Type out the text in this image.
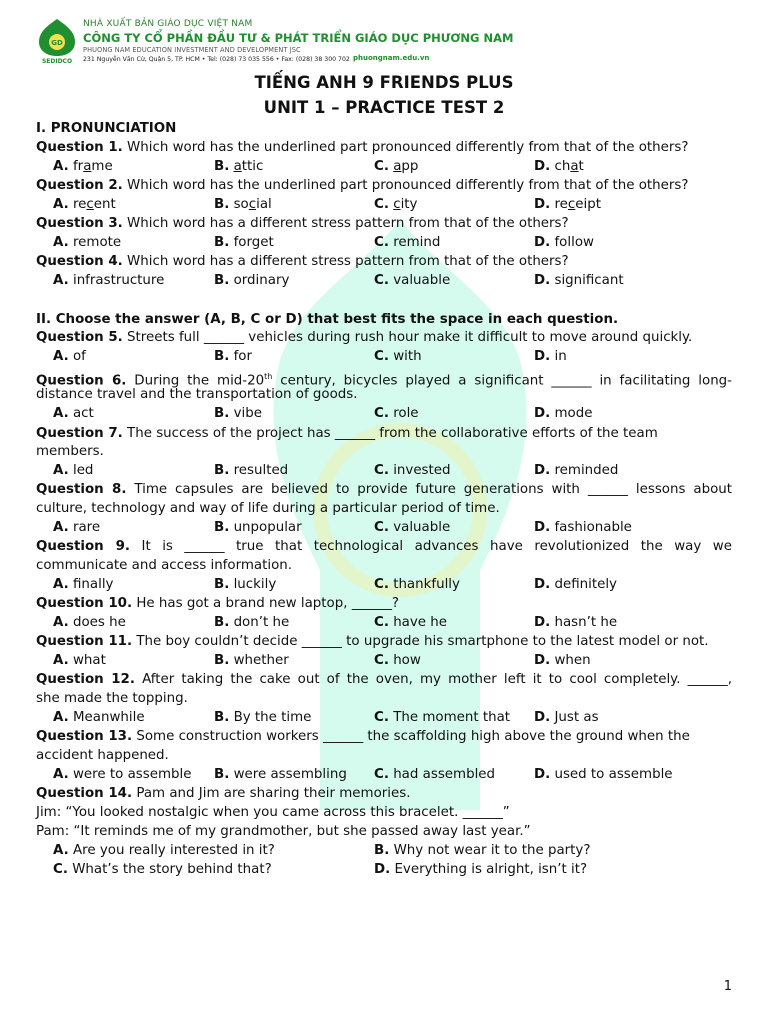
GD
SEDIDCO
NHÀ XUẤT BẢN GIÁO DỤC VIỆT NAM
CÔNG TY CỔ PHẦN ĐẦU TƯ & PHÁT TRIỂN GIÁO DỤC PHƯƠNG NAM
PHUONG NAM EDUCATION INVESTMENT AND DEVELOPMENT JSC
231 Nguyễn Văn Cừ, Quận 5, TP. HCM • Tel: (028) 73 035 556 • Fax: (028) 38 300 702 phuongnam.edu.vn
TIẾNG ANH 9 FRIENDS PLUS
UNIT 1 – PRACTICE TEST 2
I. PRONUNCIATION
Question 1. Which word has the underlined part pronounced differently from that of the others?
A. frame	B. attic	C. app	D. chat
Question 2. Which word has the underlined part pronounced differently from that of the others?
A. recent	B. social	C. city	D. receipt
Question 3. Which word has a different stress pattern from that of the others?
A. remote	B. forget	C. remind	D. follow
Question 4. Which word has a different stress pattern from that of the others?
A. infrastructure	B. ordinary	C. valuable	D. significant
II. Choose the answer (A, B, C or D) that best fits the space in each question.
Question 5. Streets full ______ vehicles during rush hour make it difficult to move around quickly.
A. of	B. for	C. with	D. in
Question 6. During the mid-20th century, bicycles played a significant ______ in facilitating long-
distance travel and the transportation of goods.
A. act	B. vibe	C. role	D. mode
Question 7. The success of the project has ______ from the collaborative efforts of the team
members.
A. led	B. resulted	C. invested	D. reminded
Question 8. Time capsules are believed to provide future generations with ______ lessons about
culture, technology and way of life during a particular period of time.
A. rare	B. unpopular	C. valuable	D. fashionable
Question 9. It is ______ true that technological advances have revolutionized the way we
communicate and access information.
A. finally	B. luckily	C. thankfully	D. definitely
Question 10. He has got a brand new laptop, ______?
A. does he	B. don’t he	C. have he	D. hasn’t he
Question 11. The boy couldn’t decide ______ to upgrade his smartphone to the latest model or not.
A. what	B. whether	C. how	D. when
Question 12. After taking the cake out of the oven, my mother left it to cool completely. ______,
she made the topping.
A. Meanwhile	B. By the time	C. The moment that D. Just as
Question 13. Some construction workers ______ the scaffolding high above the ground when the
accident happened.
A. were to assemble B. were assembling C. had assembled	D. used to assemble
Question 14. Pam and Jim are sharing their memories.
Jim: “You looked nostalgic when you came across this bracelet. ______”
Pam: “It reminds me of my grandmother, but she passed away last year.”
A. Are you really interested in it?	B. Why not wear it to the party?
C. What’s the story behind that?	D. Everything is alright, isn’t it?
1
